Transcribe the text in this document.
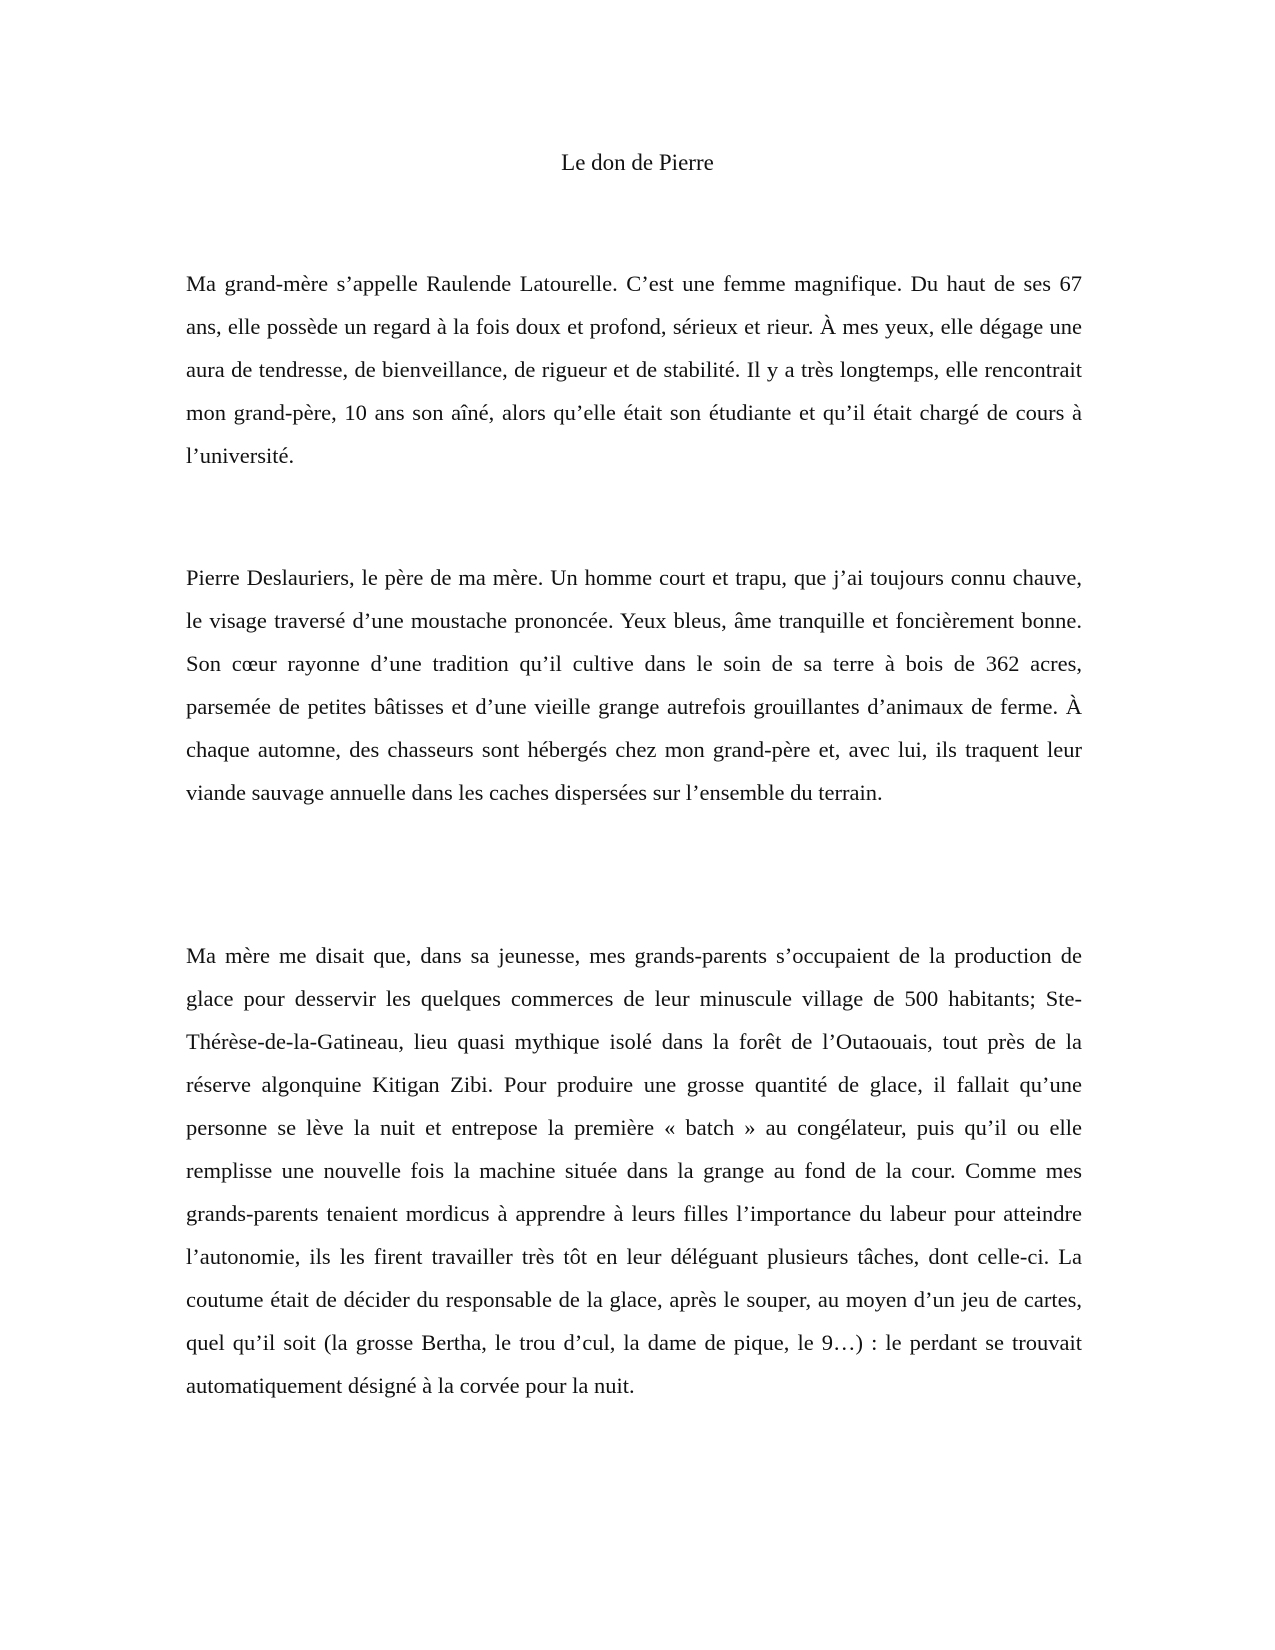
Le don de Pierre

Ma grand-mère s’appelle Raulende Latourelle. C’est une femme magnifique. Du haut de ses 67 ans, elle possède un regard à la fois doux et profond, sérieux et rieur. À mes yeux, elle dégage une aura de tendresse, de bienveillance, de rigueur et de stabilité. Il y a très longtemps, elle rencontrait mon grand-père, 10 ans son aîné, alors qu’elle était son étudiante et qu’il était chargé de cours à l’université.

Pierre Deslauriers, le père de ma mère. Un homme court et trapu, que j’ai toujours connu chauve, le visage traversé d’une moustache prononcée. Yeux bleus, âme tranquille et foncièrement bonne. Son cœur rayonne d’une tradition qu’il cultive dans le soin de sa terre à bois de 362 acres, parsemée de petites bâtisses et d’une vieille grange autrefois grouillantes d’animaux de ferme. À chaque automne, des chasseurs sont hébergés chez mon grand-père et, avec lui, ils traquent leur viande sauvage annuelle dans les caches dispersées sur l’ensemble du terrain.

Ma mère me disait que, dans sa jeunesse, mes grands-parents s’occupaient de la production de glace pour desservir les quelques commerces de leur minuscule village de 500 habitants; Ste-Thérèse-de-la-Gatineau, lieu quasi mythique isolé dans la forêt de l’Outaouais, tout près de la réserve algonquine Kitigan Zibi. Pour produire une grosse quantité de glace, il fallait qu’une personne se lève la nuit et entrepose la première « batch » au congélateur, puis qu’il ou elle remplisse une nouvelle fois la machine située dans la grange au fond de la cour. Comme mes grands-parents tenaient mordicus à apprendre à leurs filles l’importance du labeur pour atteindre l’autonomie, ils les firent travailler très tôt en leur déléguant plusieurs tâches, dont celle-ci. La coutume était de décider du responsable de la glace, après le souper, au moyen d’un jeu de cartes, quel qu’il soit (la grosse Bertha, le trou d’cul, la dame de pique, le 9…) : le perdant se trouvait automatiquement désigné à la corvée pour la nuit.
